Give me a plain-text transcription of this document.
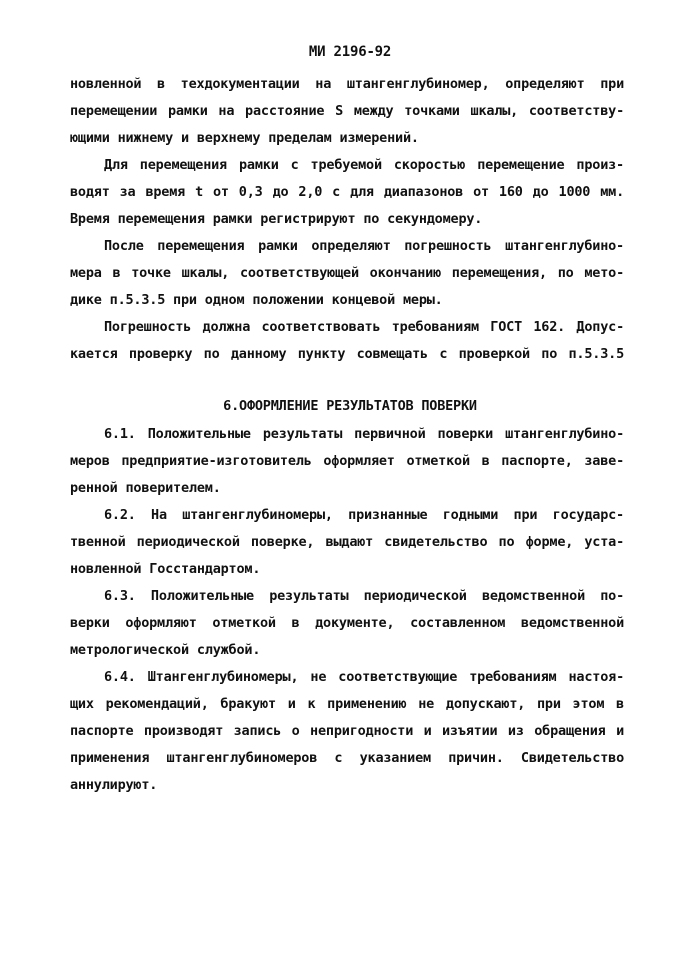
МИ 2196-92
новленной в техдокументации на штангенглубиномер, определяют при
перемещении рамки на расстояние S между точками шкалы, соответству-
ющими нижнему и верхнему пределам измерений.
Для перемещения рамки с требуемой скоростью перемещение произ-
водят за время t от 0,3 до 2,0 с для диапазонов от 160 до 1000 мм.
Время перемещения рамки регистрируют по секундомеру.
После перемещения рамки определяют погрешность штангенглубино-
мера в точке шкалы, соответствующей окончанию перемещения, по мето-
дике п.5.3.5 при одном положении концевой меры.
Погрешность должна соответствовать требованиям ГОСТ 162. Допус-
кается проверку по данному пункту совмещать с проверкой по п.5.3.5
6.ОФОРМЛЕНИЕ РЕЗУЛЬТАТОВ ПОВЕРКИ
6.1. Положительные результаты первичной поверки штангенглубино-
меров предприятие-изготовитель оформляет отметкой в паспорте, заве-
ренной поверителем.
6.2. На штангенглубиномеры, признанные годными при государс-
твенной периодической поверке, выдают свидетельство по форме, уста-
новленной Госстандартом.
6.3. Положительные результаты периодической ведомственной по-
верки оформляют отметкой в документе, составленном ведомственной
метрологической службой.
6.4. Штангенглубиномеры, не соответствующие требованиям настоя-
щих рекомендаций, бракуют и к применению не допускают, при этом в
паспорте производят запись о непригодности и изъятии из обращения и
применения штангенглубиномеров с указанием причин. Свидетельство
аннулируют.
